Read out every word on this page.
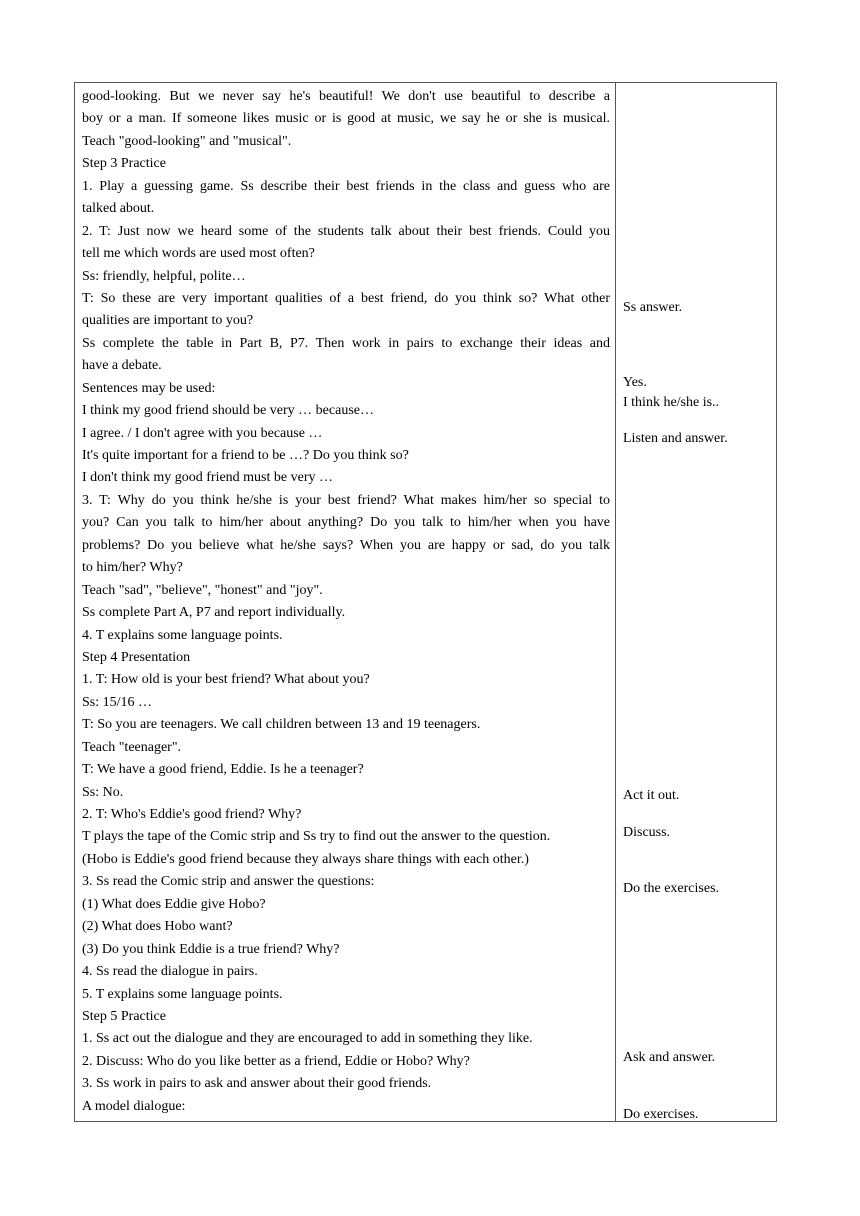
good-looking. But we never say he's beautiful! We don't use beautiful to describe a
boy or a man. If someone likes music or is good at music, we say he or she is musical.
Teach "good-looking" and "musical".
Step 3 Practice
1. Play a guessing game. Ss describe their best friends in the class and guess who are
talked about.
2. T: Just now we heard some of the students talk about their best friends. Could you
tell me which words are used most often?
Ss: friendly, helpful, polite…
T: So these are very important qualities of a best friend, do you think so? What other
qualities are important to you?
Ss complete the table in Part B, P7. Then work in pairs to exchange their ideas and
have a debate.
Sentences may be used:
I think my good friend should be very … because…
I agree. / I don't agree with you because …
It's quite important for a friend to be …? Do you think so?
I don't think my good friend must be very …
3. T: Why do you think he/she is your best friend? What makes him/her so special to
you? Can you talk to him/her about anything? Do you talk to him/her when you have
problems? Do you believe what he/she says? When you are happy or sad, do you talk
to him/her? Why?
Teach "sad", "believe", "honest" and "joy".
Ss complete Part A, P7 and report individually.
4. T explains some language points.
Step 4 Presentation
1. T: How old is your best friend? What about you?
Ss: 15/16 …
T: So you are teenagers. We call children between 13 and 19 teenagers.
Teach "teenager".
T: We have a good friend, Eddie. Is he a teenager?
Ss: No.
2. T: Who's Eddie's good friend? Why?
T plays the tape of the Comic strip and Ss try to find out the answer to the question.
(Hobo is Eddie's good friend because they always share things with each other.)
3. Ss read the Comic strip and answer the questions:
(1) What does Eddie give Hobo?
(2) What does Hobo want?
(3) Do you think Eddie is a true friend? Why?
4. Ss read the dialogue in pairs.
5. T explains some language points.
Step 5 Practice
1. Ss act out the dialogue and they are encouraged to add in something they like.
2. Discuss: Who do you like better as a friend, Eddie or Hobo? Why?
3. Ss work in pairs to ask and answer about their good friends.
A model dialogue:
Ss answer.
Yes.
I think he/she is..
Listen and answer.
Act it out.
Discuss.
Do the exercises.
Ask and answer.
Do exercises.
